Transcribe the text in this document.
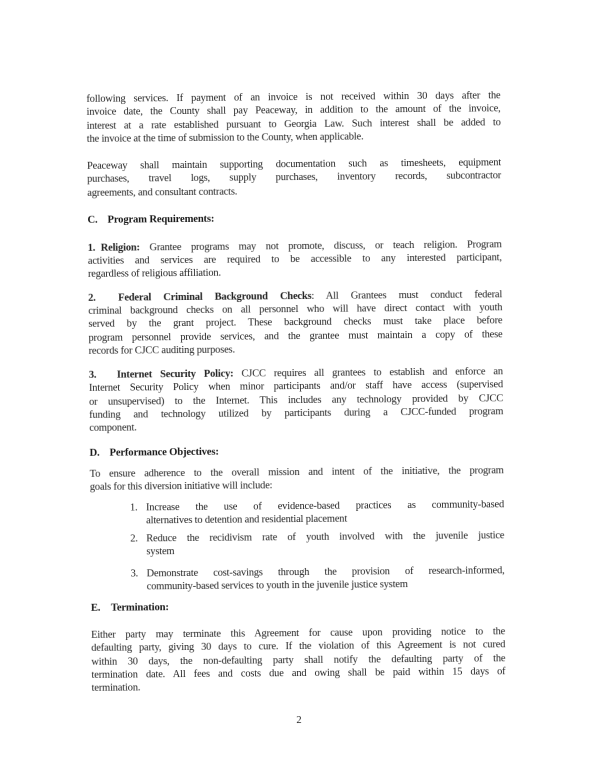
following services. If payment of an invoice is not received within 30 days after the
invoice date, the County shall pay Peaceway, in addition to the amount of the invoice,
interest at a rate established pursuant to Georgia Law. Such interest shall be added to
the invoice at the time of submission to the County, when applicable.
Peaceway shall maintain supporting documentation such as timesheets, equipment
purchases, travel logs, supply purchases, inventory records, subcontractor
agreements, and consultant contracts.
C. Program Requirements:
1. Religion: Grantee programs may not promote, discuss, or teach religion. Program
activities and services are required to be accessible to any interested participant,
regardless of religious affiliation.
2. Federal Criminal Background Checks: All Grantees must conduct federal
criminal background checks on all personnel who will have direct contact with youth
served by the grant project. These background checks must take place before
program personnel provide services, and the grantee must maintain a copy of these
records for CJCC auditing purposes.
3. Internet Security Policy: CJCC requires all grantees to establish and enforce an
Internet Security Policy when minor participants and/or staff have access (supervised
or unsupervised) to the Internet. This includes any technology provided by CJCC
funding and technology utilized by participants during a CJCC-funded program
component.
D. Performance Objectives:
To ensure adherence to the overall mission and intent of the initiative, the program
goals for this diversion initiative will include:
1. Increase the use of evidence-based practices as community-based
alternatives to detention and residential placement
2. Reduce the recidivism rate of youth involved with the juvenile justice
system
3. Demonstrate cost-savings through the provision of research-informed,
community-based services to youth in the juvenile justice system
E. Termination:
Either party may terminate this Agreement for cause upon providing notice to the
defaulting party, giving 30 days to cure. If the violation of this Agreement is not cured
within 30 days, the non-defaulting party shall notify the defaulting party of the
termination date. All fees and costs due and owing shall be paid within 15 days of
termination.
2
